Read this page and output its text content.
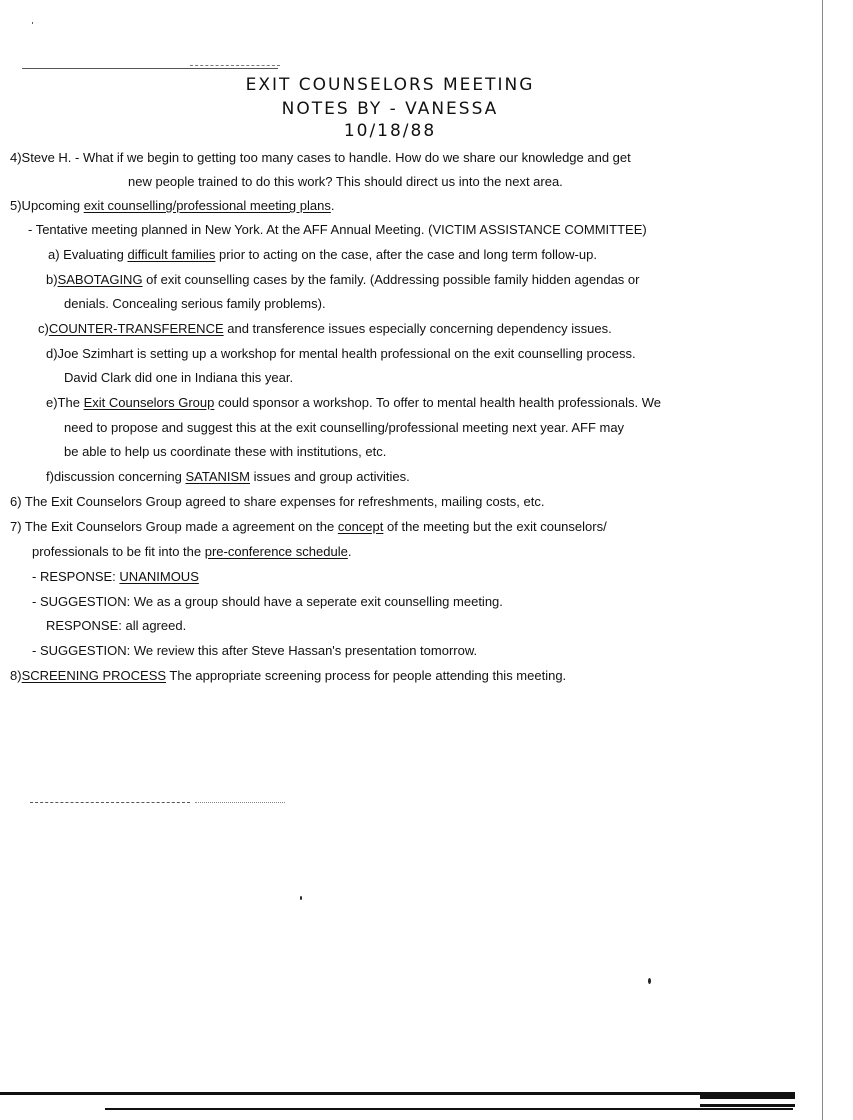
EXIT COUNSELORS MEETING
NOTES BY - VANESSA
10/18/88
4)Steve H. - What if we begin to getting too many cases to handle. How do we share our knowledge and get
new people trained to do this work? This should direct us into the next area.
5)Upcoming exit counselling/professional meeting plans.
- Tentative meeting planned in New York. At the AFF Annual Meeting. (VICTIM ASSISTANCE COMMITTEE)
a) Evaluating difficult families prior to acting on the case, after the case and long term follow-up.
b)SABOTAGING of exit counselling cases by the family. (Addressing possible family hidden agendas or
denials. Concealing serious family problems).
c)COUNTER-TRANSFERENCE and transference issues especially concerning dependency issues.
d)Joe Szimhart is setting up a workshop for mental health professional on the exit counselling process.
David Clark did one in Indiana this year.
e)The Exit Counselors Group could sponsor a workshop. To offer to mental health health professionals. We
need to propose and suggest this at the exit counselling/professional meeting next year. AFF may
be able to help us coordinate these with institutions, etc.
f)discussion concerning SATANISM issues and group activities.
6) The Exit Counselors Group agreed to share expenses for refreshments, mailing costs, etc.
7) The Exit Counselors Group made a agreement on the concept of the meeting but the exit counselors/
professionals to be fit into the pre-conference schedule.
- RESPONSE: UNANIMOUS
- SUGGESTION: We as a group should have a seperate exit counselling meeting.
RESPONSE: all agreed.
- SUGGESTION: We review this after Steve Hassan's presentation tomorrow.
8)SCREENING PROCESS The appropriate screening process for people attending this meeting.
